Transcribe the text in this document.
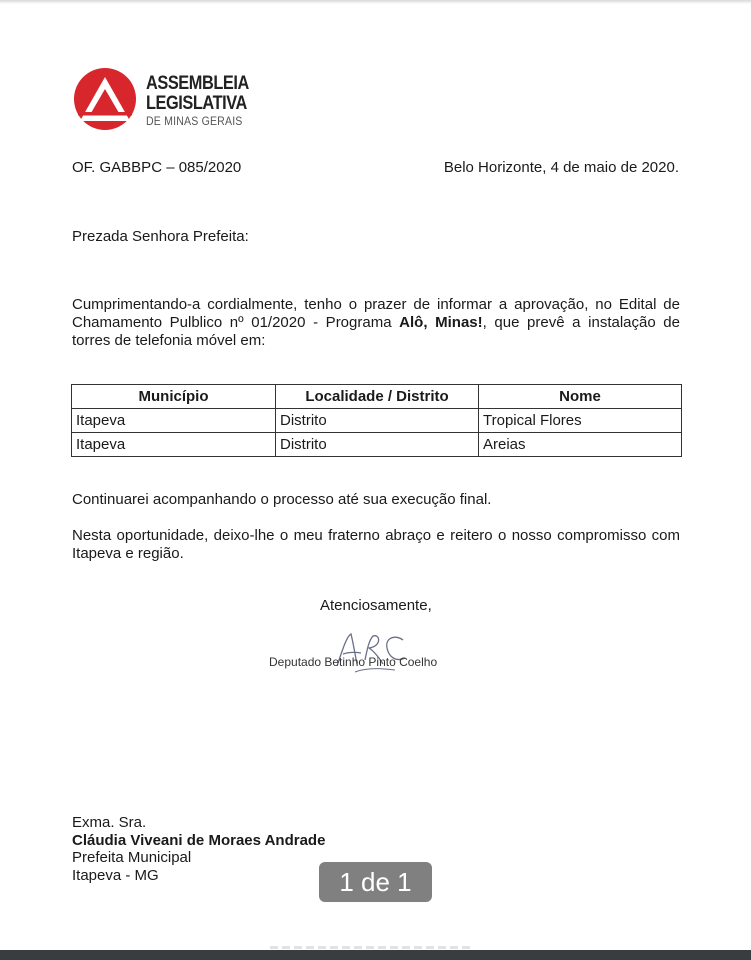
ASSEMBLEIA
LEGISLATIVA
DE MINAS GERAIS
OF. GABBPC – 085/2020	Belo Horizonte, 4 de maio de 2020.
Prezada Senhora Prefeita:
Cumprimentando-a cordialmente, tenho o prazer de informar a aprovação, no Edital de Chamamento Pulblico nº 01/2020 - Programa Alô, Minas!, que prevê a instalação de torres de telefonia móvel em:
Município	Localidade / Distrito	Nome
Itapeva	Distrito	Tropical Flores
Itapeva	Distrito	Areias
Continuarei acompanhando o processo até sua execução final.
Nesta oportunidade, deixo-lhe o meu fraterno abraço e reitero o nosso compromisso com Itapeva e região.
Atenciosamente,
Deputado Betinho Pinto Coelho
Exma. Sra.
Cláudia Viveani de Moraes Andrade
Prefeita Municipal
Itapeva - MG	1 de 1
